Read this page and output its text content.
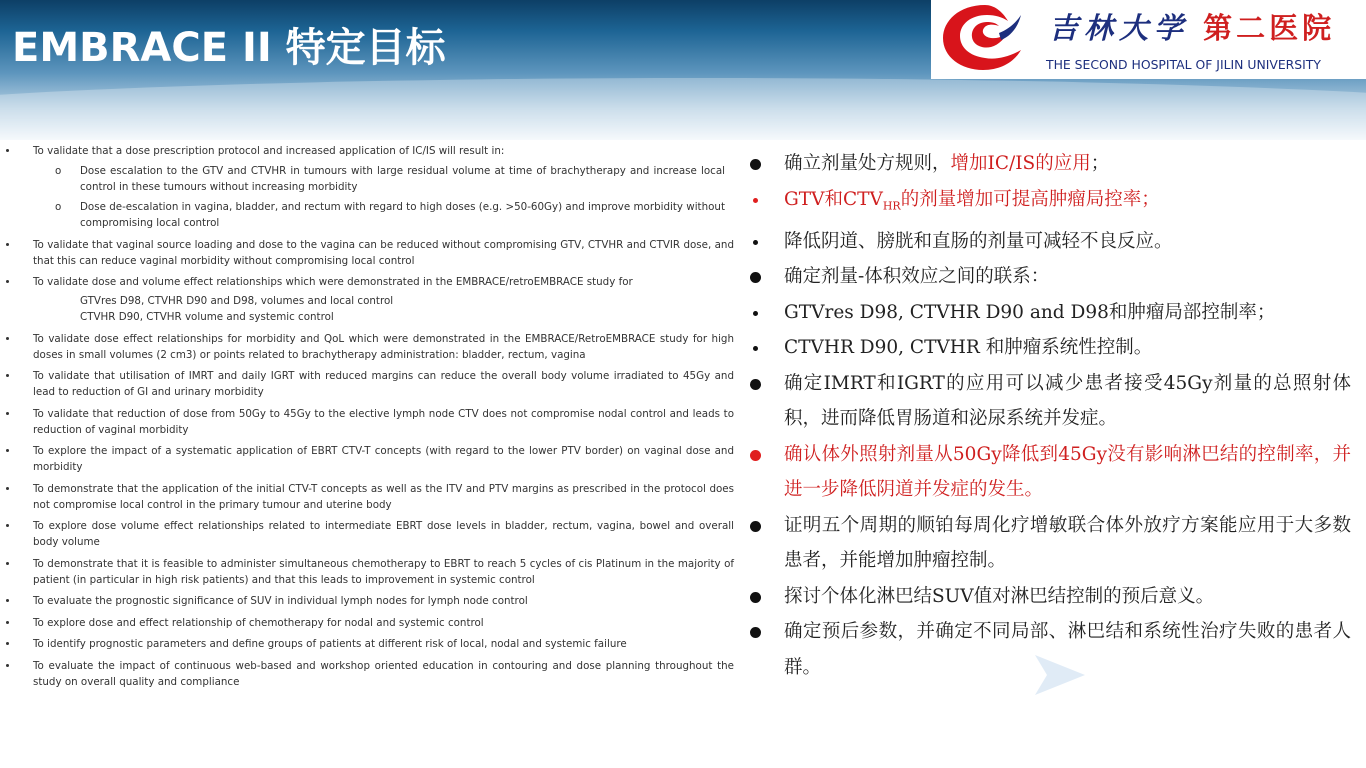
EMBRACE II 特定目标	吉林大学 第二医院
THE SECOND HOSPITAL OF JILIN UNIVERSITY
To validate that a dose prescription protocol and increased application of IC/IS will result in:
o Dose escalation to the GTV and CTVHR in tumours with large residual volume at time of brachytherapy and increase local control in these tumours without increasing morbidity
o Dose de-escalation in vagina, bladder, and rectum with regard to high doses (e.g. >50-60Gy) and improve morbidity without compromising local control
To validate that vaginal source loading and dose to the vagina can be reduced without compromising GTV, CTVHR and CTVIR dose, and that this can reduce vaginal morbidity without compromising local control
To validate dose and volume effect relationships which were demonstrated in the EMBRACE/retroEMBRACE study for
GTVres D98, CTVHR D90 and D98, volumes and local control
CTVHR D90, CTVHR volume and systemic control
To validate dose effect relationships for morbidity and QoL which were demonstrated in the EMBRACE/RetroEMBRACE study for high doses in small volumes (2 cm3) or points related to brachytherapy administration: bladder, rectum, vagina
To validate that utilisation of IMRT and daily IGRT with reduced margins can reduce the overall body volume irradiated to 45Gy and lead to reduction of GI and urinary morbidity
To validate that reduction of dose from 50Gy to 45Gy to the elective lymph node CTV does not compromise nodal control and leads to reduction of vaginal morbidity
To explore the impact of a systematic application of EBRT CTV-T concepts (with regard to the lower PTV border) on vaginal dose and morbidity
To demonstrate that the application of the initial CTV-T concepts as well as the ITV and PTV margins as prescribed in the protocol does not compromise local control in the primary tumour and uterine body
To explore dose volume effect relationships related to intermediate EBRT dose levels in bladder, rectum, vagina, bowel and overall body volume
To demonstrate that it is feasible to administer simultaneous chemotherapy to EBRT to reach 5 cycles of cis Platinum in the majority of patient (in particular in high risk patients) and that this leads to improvement in systemic control
To evaluate the prognostic significance of SUV in individual lymph nodes for lymph node control
To explore dose and effect relationship of chemotherapy for nodal and systemic control
To identify prognostic parameters and define groups of patients at different risk of local, nodal and systemic failure
To evaluate the impact of continuous web-based and workshop oriented education in contouring and dose planning throughout the study on overall quality and compliance
确立剂量处方规则，增加IC/IS的应用；
GTV和$CTV_{HR}$的剂量增加可提高肿瘤局控率；
降低阴道、膀胱和直肠的剂量可减轻不良反应。
确定剂量-体积效应之间的联系：
GTVres D98, CTVHR D90 and D98和肿瘤局部控制率；
CTVHR D90, CTVHR 和肿瘤系统性控制。
确定IMRT和IGRT的应用可以减少患者接受45Gy剂量的总照射体积，进而降低胃肠道和泌尿系统并发症。
确认体外照射剂量从50Gy降低到45Gy没有影响淋巴结的控制率，并进一步降低阴道并发症的发生。
证明五个周期的顺铂每周化疗增敏联合体外放疗方案能应用于大多数患者，并能增加肿瘤控制。
探讨个体化淋巴结SUV值对淋巴结控制的预后意义。
确定预后参数，并确定不同局部、淋巴结和系统性治疗失败的患者人群。
